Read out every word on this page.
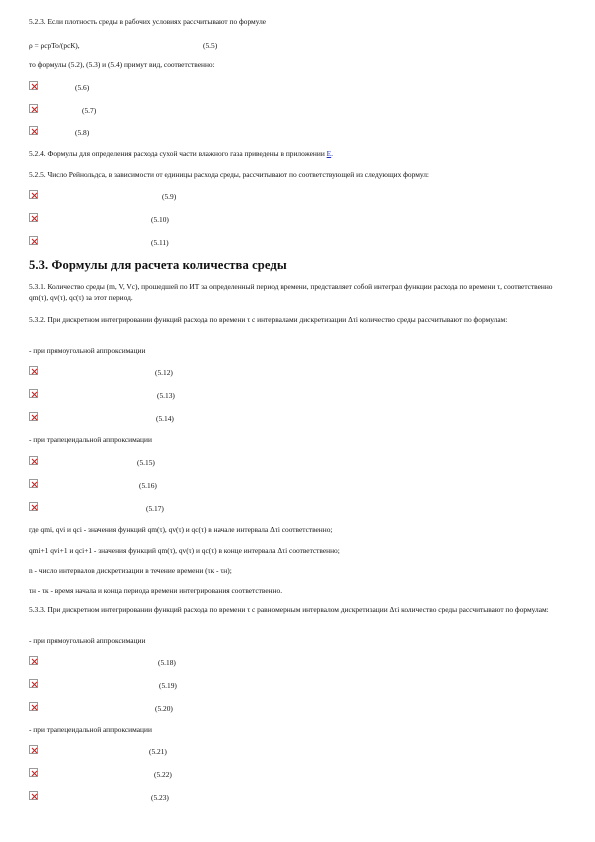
5.2.3. Если плотность среды в рабочих условиях рассчитывают по формуле
ρ = ρcpТо/(рсК),	(5.5)
то формулы (5.2), (5.3) и (5.4) примут вид, соответственно:
(5.6)
(5.7)
(5.8)
5.2.4. Формулы для определения расхода сухой части влажного газа приведены в приложении Е.
5.2.5. Число Рейнольдса, в зависимости от единицы расхода среды, рассчитывают по соответствующей из следующих формул:
(5.9)
(5.10)
(5.11)
5.3. Формулы для расчета количества среды
5.3.1. Количество среды (m, V, Vc), прошедшей по ИТ за определенный период времени, представляет собой интеграл функции расхода по времени τ, соответственно qm(τ), qv(τ), qc(τ) за этот период.
5.3.2. При дискретном интегрировании функций расхода по времени τ с интервалами дискретизации Δτi количество среды рассчитывают по формулам:
- при прямоугольной аппроксимации
(5.12)
(5.13)
(5.14)
- при трапецеидальной аппроксимации
(5.15)
(5.16)
(5.17)
где qmi, qvi и qci - значения функций qm(τ), qv(τ) и qc(τ) в начале интервала Δτi соответственно;
qmi+1 qvi+1 и qci+1 - значения функций qm(τ), qv(τ) и qc(τ) в конце интервала Δτi соответственно;
n - число интервалов дискретизации в течение времени (τк - τн);
τн - τк - время начала и конца периода времени интегрирования соответственно.
5.3.3. При дискретном интегрировании функций расхода по времени τ с равномерным интервалом дискретизации Δτi количество среды рассчитывают по формулам:
- при прямоугольной аппроксимации
(5.18)
(5.19)
(5.20)
- при трапецеидальной аппроксимации
(5.21)
(5.22)
(5.23)
